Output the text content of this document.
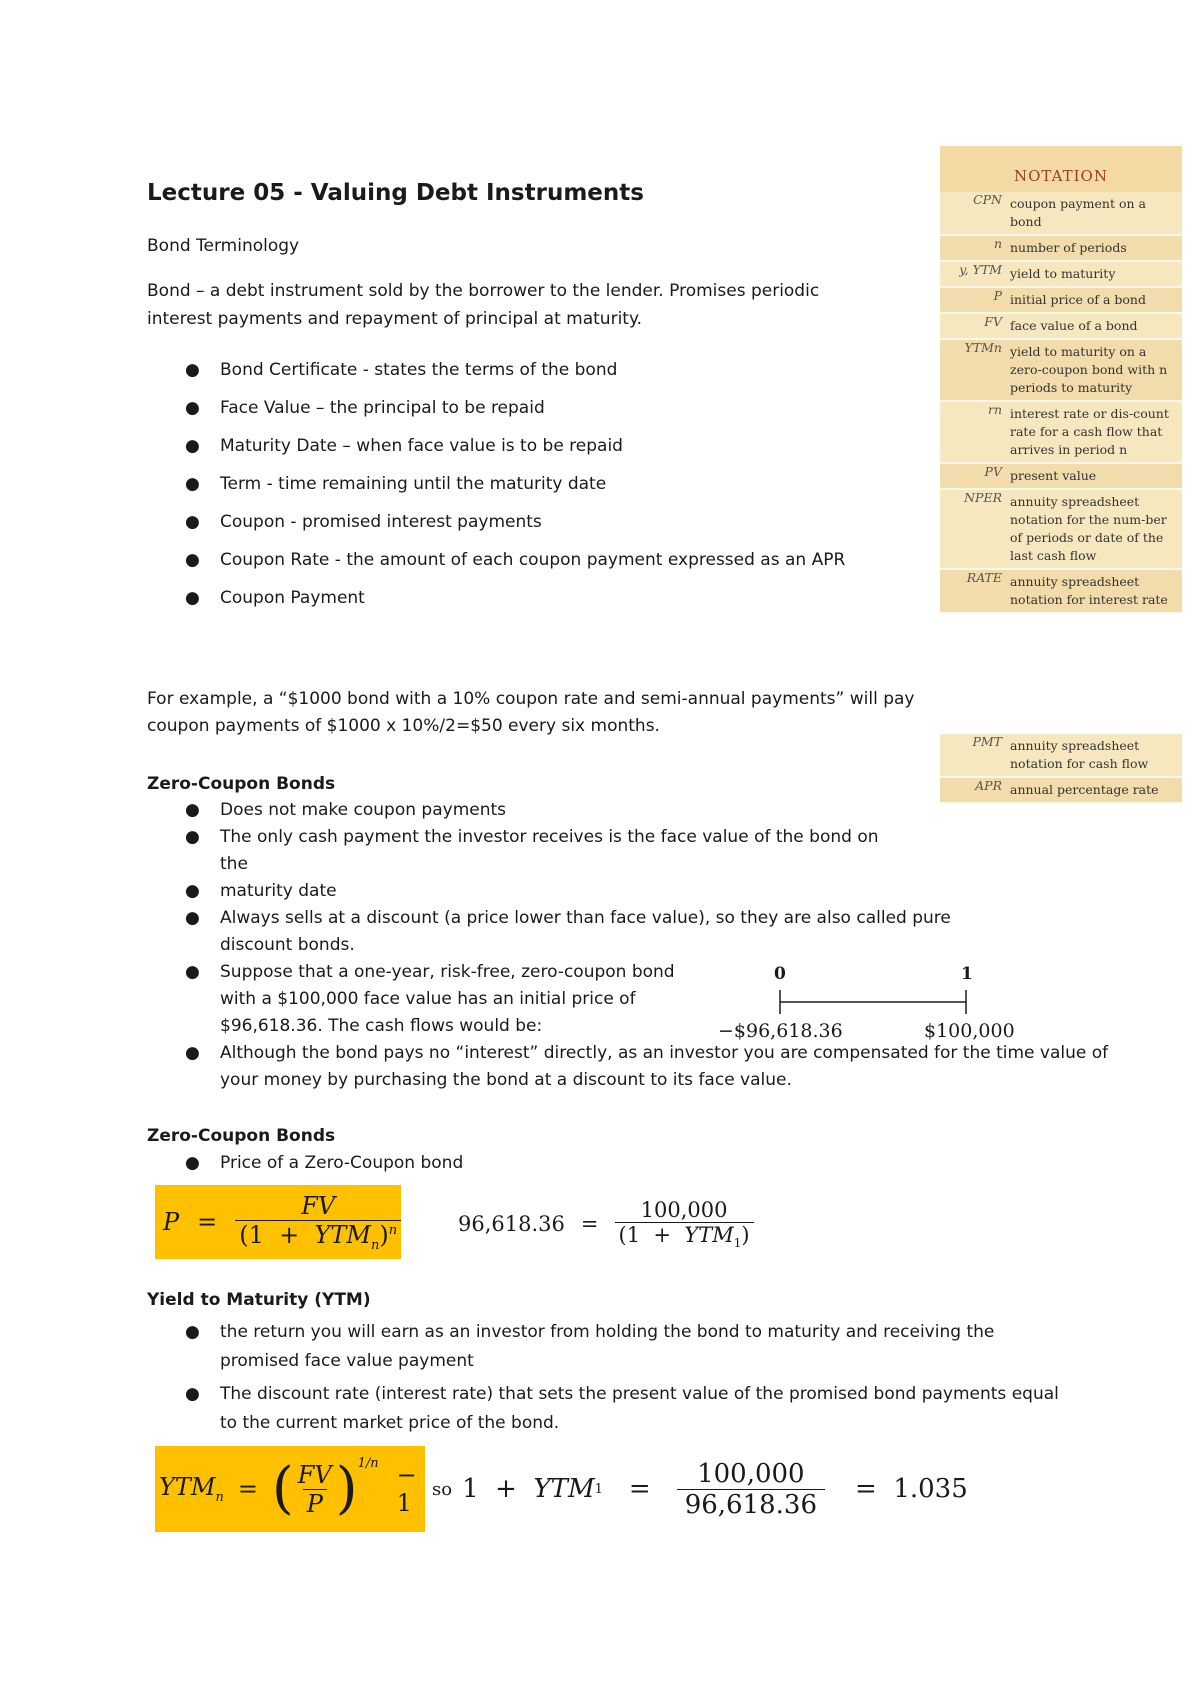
Lecture 05 - Valuing Debt Instruments
Bond Terminology
Bond – a debt instrument sold by the borrower to the lender. Promises periodic interest payments and repayment of principal at maturity.
● Bond Certificate - states the terms of the bond
● Face Value – the principal to be repaid
● Maturity Date – when face value is to be repaid
● Term - time remaining until the maturity date
● Coupon - promised interest payments
● Coupon Rate - the amount of each coupon payment expressed as an APR
● Coupon Payment
For example, a “$1000 bond with a 10% coupon rate and semi-annual payments” will pay coupon payments of $1000 x 10%/2=$50 every six months.
Zero-Coupon Bonds
● Does not make coupon payments
● The only cash payment the investor receives is the face value of the bond on the
● maturity date
● Always sells at a discount (a price lower than face value), so they are also called pure discount bonds.
● Suppose that a one-year, risk-free, zero-coupon bond with a $100,000 face value has an initial price of $96,618.36. The cash flows would be:
● Although the bond pays no “interest” directly, as an investor you are compensated for the time value of your money by purchasing the bond at a discount to its face value.
0	1
−$96,618.36	$100,000
Zero-Coupon Bonds
● Price of a Zero-Coupon bond
$P = \frac{FV}{(1 + YTM_n)^n}$	$96,618.36 = \frac{100,000}{(1 + YTM_1)}$
Yield to Maturity (YTM)
● the return you will earn as an investor from holding the bond to maturity and receiving the promised face value payment
● The discount rate (interest rate) that sets the present value of the promised bond payments equal to the current market price of the bond.
$YTM_n$ = ( $\frac{FV}{P}$ ) 1/n − 1	so 1  + YTM $1 = \frac{100,000}{96,618.36} = 1.035$
NOTATION
CPN coupon payment on a bond
n number of periods
y, YTM yield to maturity
P initial price of a bond
FV face value of a bond
YTMn yield to maturity on a zero-coupon bond with n periods to maturity
rn interest rate or dis-count rate for a cash flow that arrives in period n
PV present value
NPER annuity spreadsheet notation for the num-ber of periods or date of the last cash flow
RATE annuity spreadsheet notation for interest rate
PMT annuity spreadsheet notation for cash flow
APR annual percentage rate
